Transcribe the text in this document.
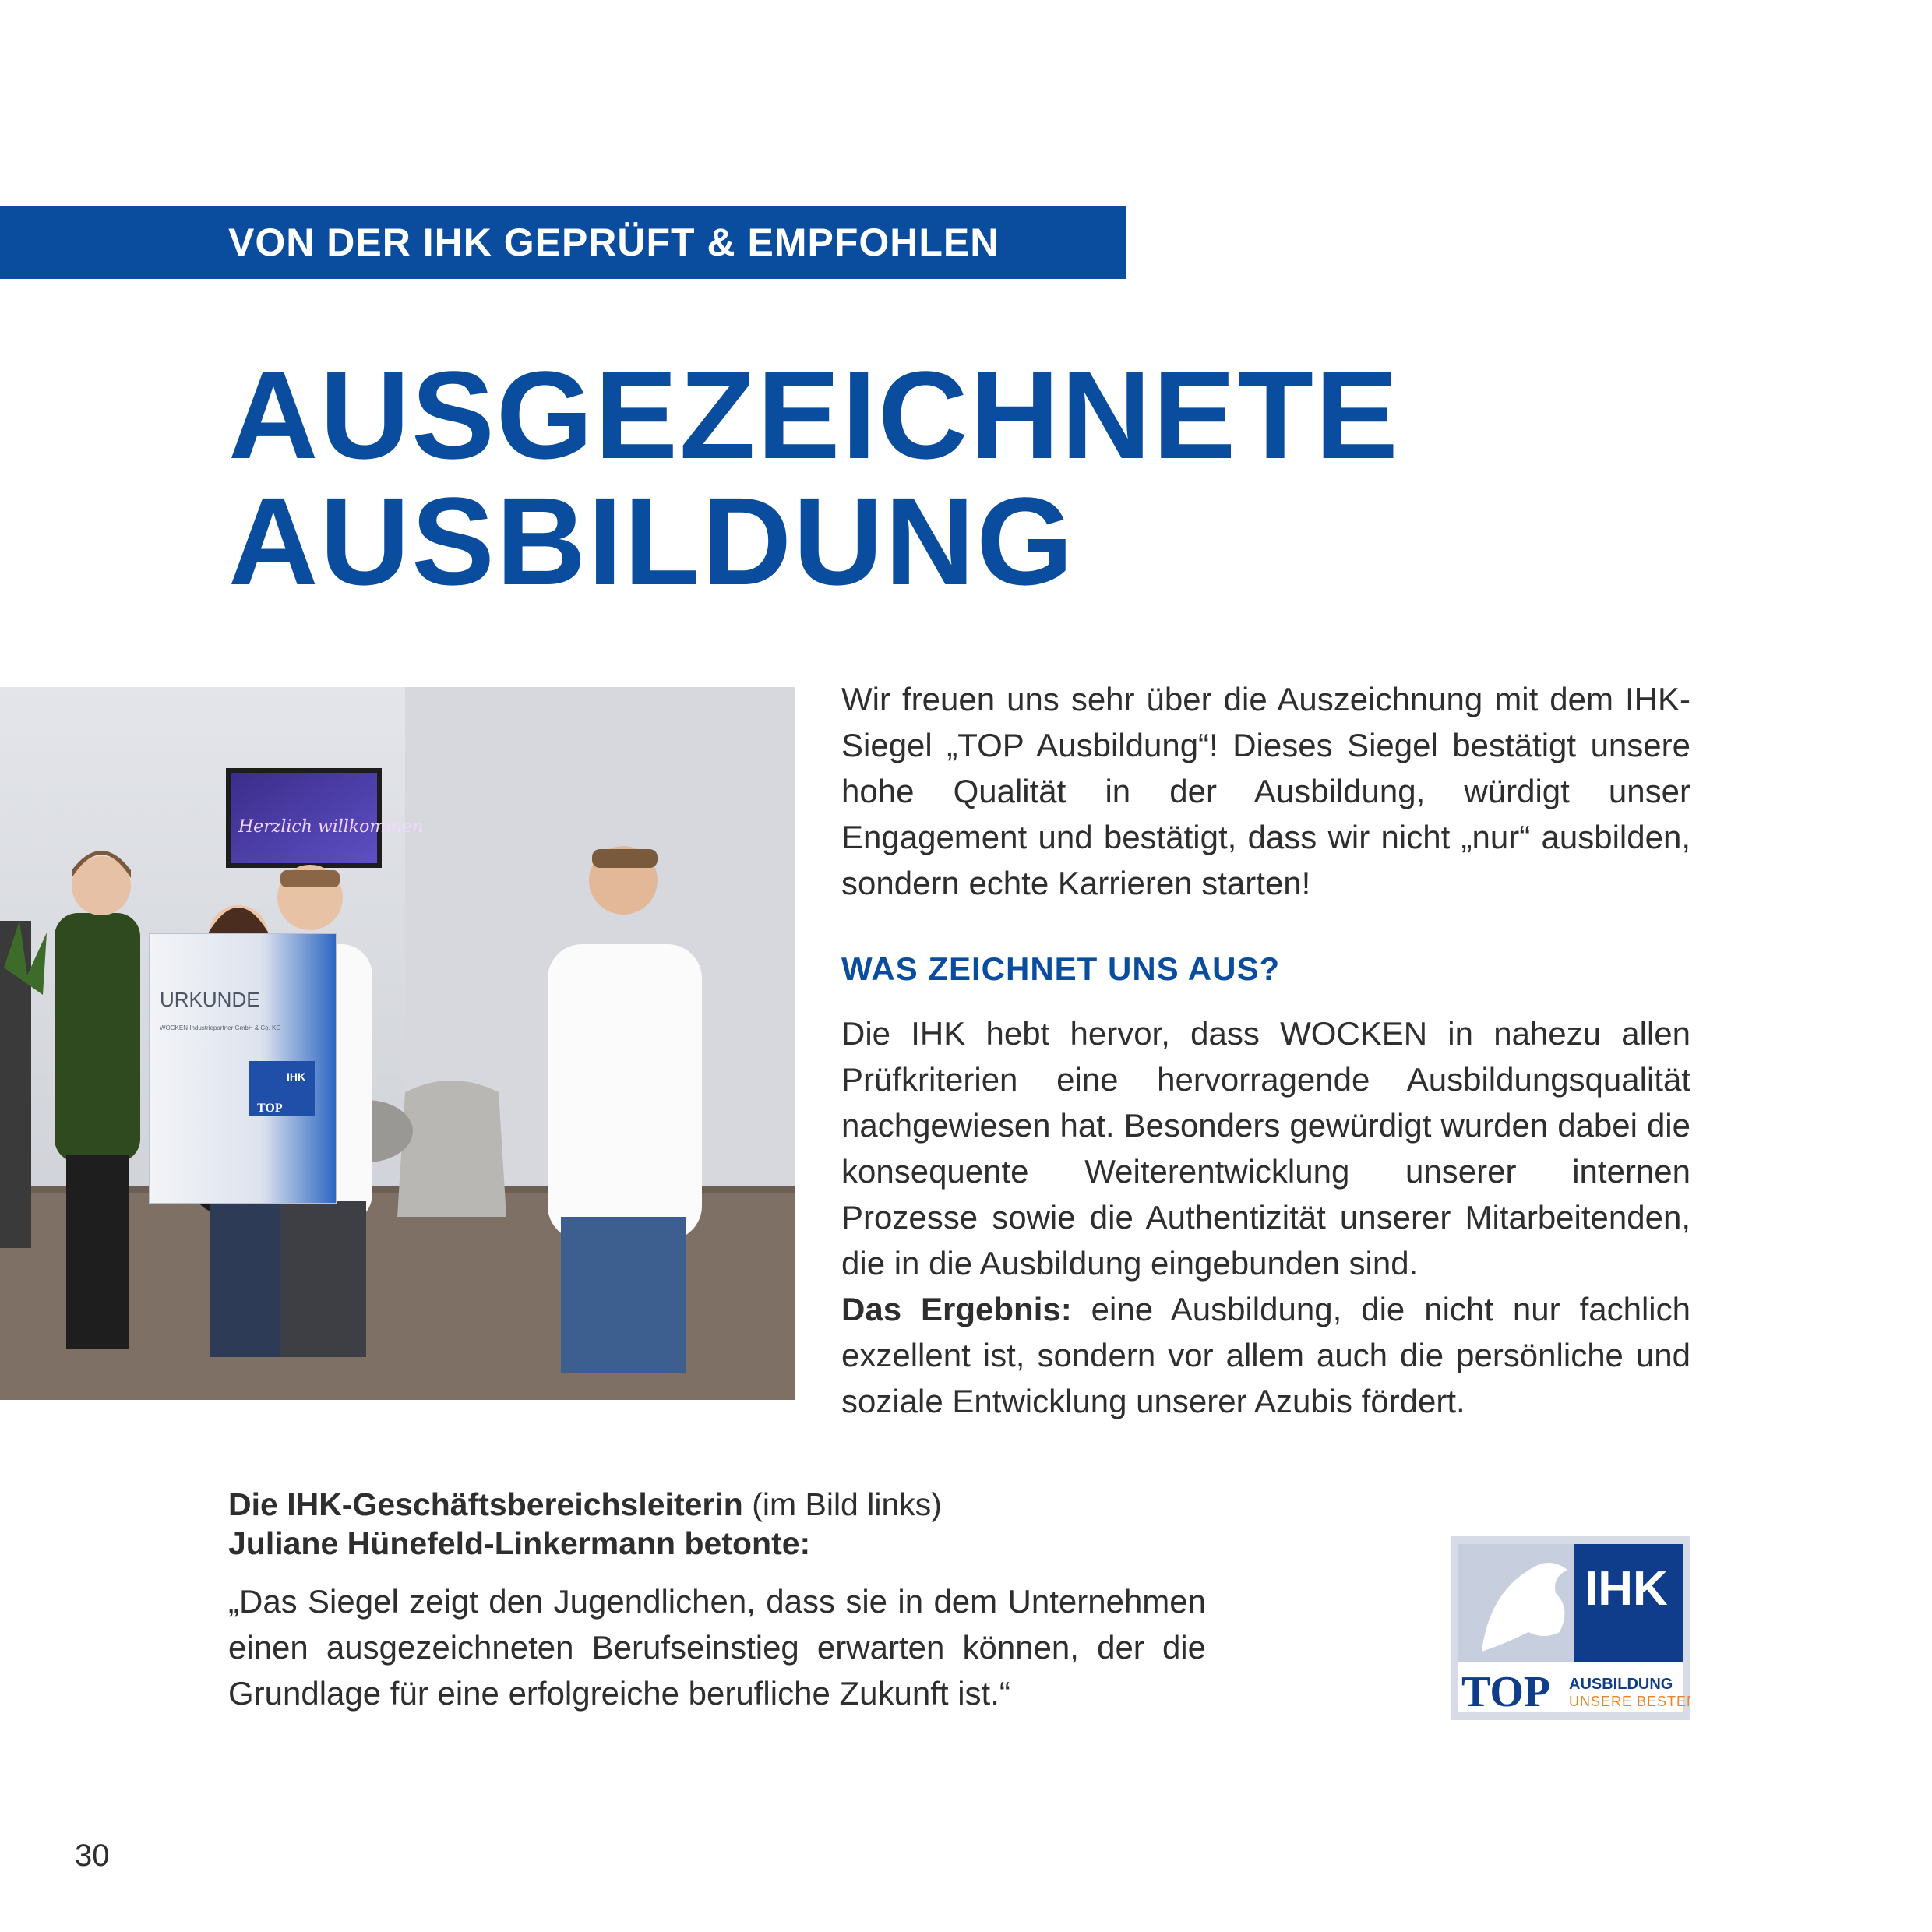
VON DER IHK GEPRÜFT & EMPFOHLEN
AUSGEZEICHNETE
AUSBILDUNG
Herzlich willkommen
URKUNDE
WOCKEN Industriepartner GmbH & Co. KG
TOP
IHK

Wir freuen uns sehr über die Auszeichnung mit dem IHK-Siegel „TOP Ausbildung“! Dieses Siegel bestätigt unsere hohe Qualität in der Ausbildung, würdigt unser Engagement und bestätigt, dass wir nicht „nur“ ausbilden, sondern echte Karrieren starten!

WAS ZEICHNET UNS AUS?

Die IHK hebt hervor, dass WOCKEN in nahezu allen Prüfkriterien eine hervorragende Ausbildungsqualität nachgewiesen hat. Besonders gewürdigt wurden dabei die konsequente Weiterentwicklung unserer internen Prozesse sowie die Authentizität unserer Mitarbeitenden, die in die Ausbildung eingebunden sind.

Das Ergebnis: eine Ausbildung, die nicht nur fachlich exzellent ist, sondern vor allem auch die persönliche und soziale Entwicklung unserer Azubis fördert.

Die IHK-Geschäftsbereichsleiterin (im Bild links)

Juliane Hünefeld-Linkermann betonte:

„Das Siegel zeigt den Jugendlichen, dass sie in dem Unternehmen einen ausgezeichneten Berufseinstieg erwarten können, der die Grundlage für eine erfolgreiche berufliche Zukunft ist.“

IHK
TOP AUSBILDUNG
UNSERE BESTEN
30
